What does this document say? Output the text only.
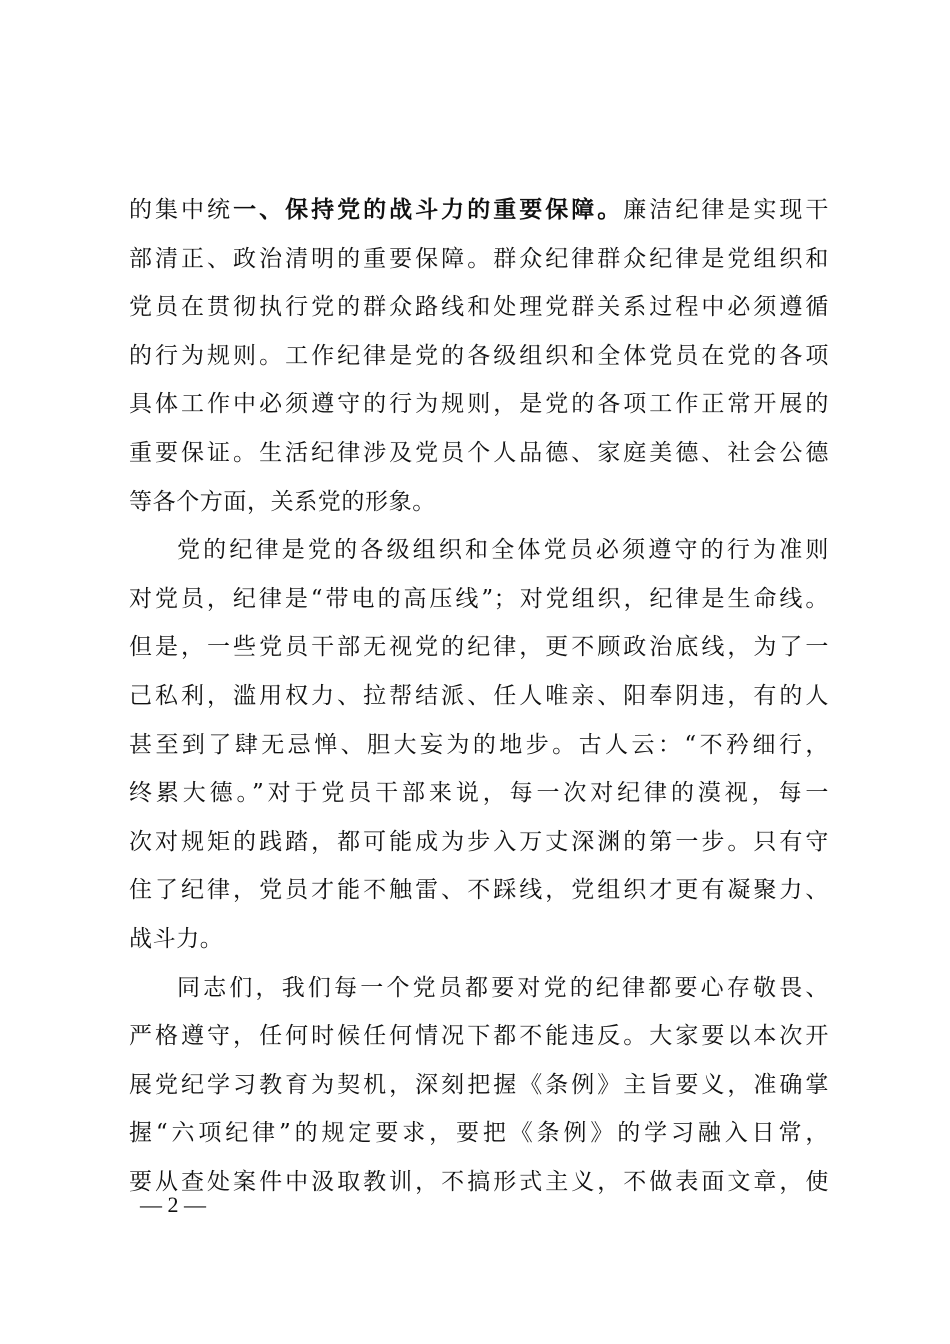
的集中统一、保持党的战斗力的重要保障。廉洁纪律是实现干
部清正、政治清明的重要保障。群众纪律群众纪律是党组织和
党员在贯彻执行党的群众路线和处理党群关系过程中必须遵循
的行为规则。工作纪律是党的各级组织和全体党员在党的各项
具体工作中必须遵守的行为规则，是党的各项工作正常开展的
重要保证。生活纪律涉及党员个人品德、家庭美德、社会公德
等各个方面，关系党的形象。
党的纪律是党的各级组织和全体党员必须遵守的行为准则
对党员，纪律是“带电的高压线”；对党组织，纪律是生命线。
但是，一些党员干部无视党的纪律，更不顾政治底线，为了一
己私利，滥用权力、拉帮结派、任人唯亲、阳奉阴违，有的人
甚至到了肆无忌惮、胆大妄为的地步。古人云：“不矜细行，
终累大德。”对于党员干部来说，每一次对纪律的漠视，每一
次对规矩的践踏，都可能成为步入万丈深渊的第一步。只有守
住了纪律，党员才能不触雷、不踩线，党组织才更有凝聚力、
战斗力。
同志们，我们每一个党员都要对党的纪律都要心存敬畏、
严格遵守，任何时候任何情况下都不能违反。大家要以本次开
展党纪学习教育为契机，深刻把握《条例》主旨要义，准确掌
握“六项纪律”的规定要求，要把《条例》的学习融入日常，
要从查处案件中汲取教训，不搞形式主义，不做表面文章，使
— 2 —
